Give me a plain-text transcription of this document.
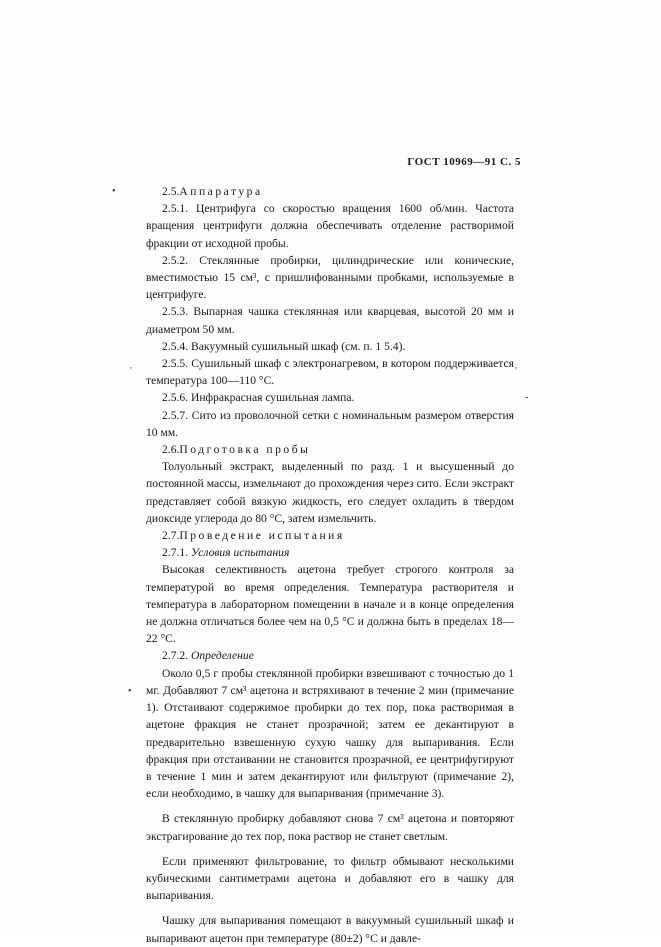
ГОСТ 10969—91 С. 5
•
'	'
-
•

2.5.Аппаратура

2.5.1. Центрифуга со скоростью вращения 1600 об/мин. Частота вращения центрифуги должна обеспечивать отделение растворимой фракции от исходной пробы.

2.5.2. Стеклянные пробирки, цилиндрические или конические, вместимостью 15 см³, с пришлифованными пробками, используемые в центрифуге.

2.5.3. Выпарная чашка стеклянная или кварцевая, высотой 20 мм и диаметром 50 мм.

2.5.4. Вакуумный сушильный шкаф (см. п. 1 5.4).

2.5.5. Сушильный шкаф с электронагревом, в котором поддерживается температура 100—110 °С.

2.5.6. Инфракрасная сушильная лампа.

2.5.7. Сито из проволочной сетки с номинальным размером отверстия 10 мм.

2.6.Подготовка пробы

Толуольный экстракт, выделенный по разд. 1 и высушенный до постоянной массы, измельчают до прохождения через сито. Если экстракт представляет собой вязкую жидкость, его следует охладить в твердом диоксиде углерода до 80 °С, затем измельчить.

2.7.Проведение испытания

2.7.1. Условия испытания

Высокая селективность ацетона требует строгого контроля за температурой во время определения. Температура растворителя и температура в лабораторном помещении в начале и в конце определения не должна отличаться более чем на 0,5 °С и должна быть в пределах 18—22 °С.

2.7.2. Определение

Около 0,5 г пробы стеклянной пробирки взвешивают с точностью до 1 мг. Добавляют 7 см³ ацетона и встряхивают в течение 2 мин (примечание 1). Отстаивают содержимое пробирки до тех пор, пока растворимая в ацетоне фракция не станет прозрачной; затем ее декантируют в предварительно взвешенную сухую чашку для выпаривания. Если фракция при отстаивании не становится прозрачной, ее центрифугируют в течение 1 мин и затем декантируют или фильтруют (примечание 2), если необходимо, в чашку для выпаривания (примечание 3).

В стеклянную пробирку добавляют снова 7 см³ ацетона и повторяют экстрагирование до тех пор, пока раствор не станет светлым.

Если применяют фильтрование, то фильтр обмывают несколькими кубическими сантиметрами ацетона и добавляют его в чашку для выпаривания.

Чашку для выпаривания помещают в вакуумный сушильный шкаф и выпаривают ацетон при температуре (80±2) °С и давле-
